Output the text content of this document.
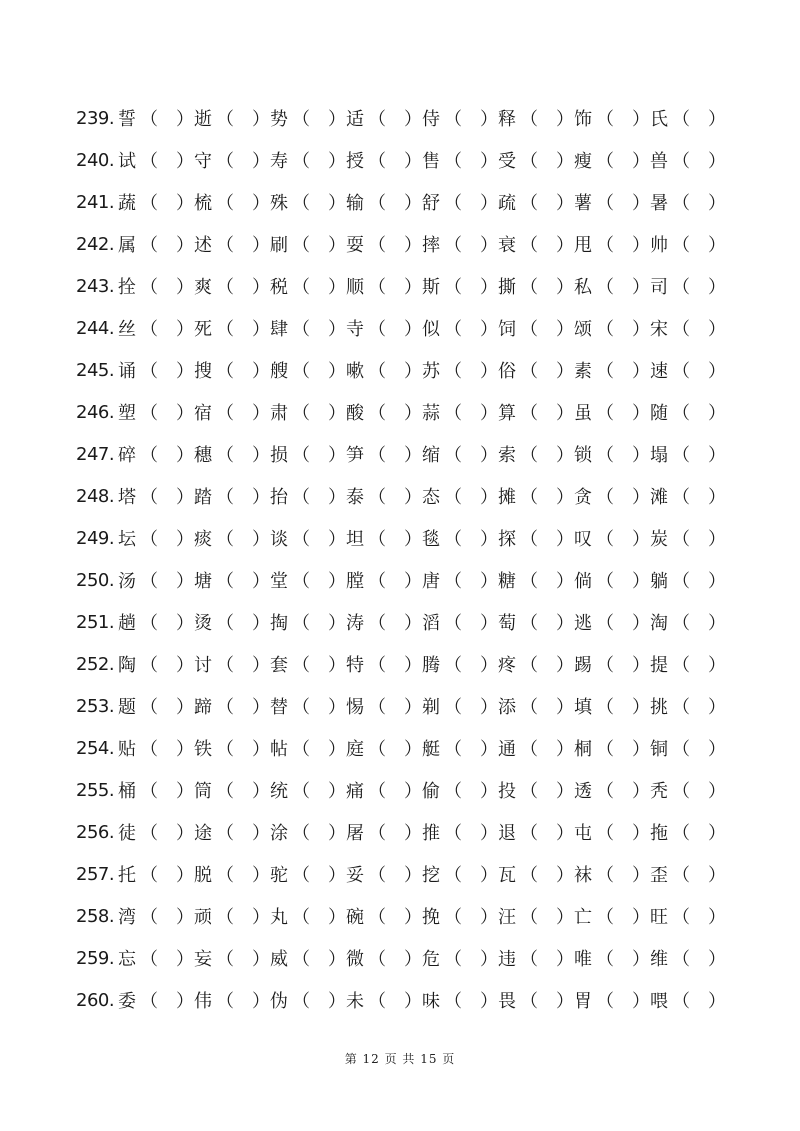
239. 誓 （ ） 逝 （ ） 势 （ ） 适 （ ） 侍 （ ） 释 （ ） 饰 （ ） 氏 （ ）
240. 试 （ ） 守 （ ） 寿 （ ） 授 （ ） 售 （ ） 受 （ ） 瘦 （ ） 兽 （ ）
241. 蔬 （ ） 梳 （ ） 殊 （ ） 输 （ ） 舒 （ ） 疏 （ ） 薯 （ ） 暑 （ ）
242. 属 （ ） 述 （ ） 刷 （ ） 耍 （ ） 摔 （ ） 衰 （ ） 甩 （ ） 帅 （ ）
243. 拴 （ ） 爽 （ ） 税 （ ） 顺 （ ） 斯 （ ） 撕 （ ） 私 （ ） 司 （ ）
244. 丝 （ ） 死 （ ） 肆 （ ） 寺 （ ） 似 （ ） 饲 （ ） 颂 （ ） 宋 （ ）
245. 诵 （ ） 搜 （ ） 艘 （ ） 嗽 （ ） 苏 （ ） 俗 （ ） 素 （ ） 速 （ ）
246. 塑 （ ） 宿 （ ） 肃 （ ） 酸 （ ） 蒜 （ ） 算 （ ） 虽 （ ） 随 （ ）
247. 碎 （ ） 穗 （ ） 损 （ ） 笋 （ ） 缩 （ ） 索 （ ） 锁 （ ） 塌 （ ）
248. 塔 （ ） 踏 （ ） 抬 （ ） 泰 （ ） 态 （ ） 摊 （ ） 贪 （ ） 滩 （ ）
249. 坛 （ ） 痰 （ ） 谈 （ ） 坦 （ ） 毯 （ ） 探 （ ） 叹 （ ） 炭 （ ）
250. 汤 （ ） 塘 （ ） 堂 （ ） 膛 （ ） 唐 （ ） 糖 （ ） 倘 （ ） 躺 （ ）
251. 趟 （ ） 烫 （ ） 掏 （ ） 涛 （ ） 滔 （ ） 萄 （ ） 逃 （ ） 淘 （ ）
252. 陶 （ ） 讨 （ ） 套 （ ） 特 （ ） 腾 （ ） 疼 （ ） 踢 （ ） 提 （ ）
253. 题 （ ） 蹄 （ ） 替 （ ） 惕 （ ） 剃 （ ） 添 （ ） 填 （ ） 挑 （ ）
254. 贴 （ ） 铁 （ ） 帖 （ ） 庭 （ ） 艇 （ ） 通 （ ） 桐 （ ） 铜 （ ）
255. 桶 （ ） 筒 （ ） 统 （ ） 痛 （ ） 偷 （ ） 投 （ ） 透 （ ） 秃 （ ）
256. 徒 （ ） 途 （ ） 涂 （ ） 屠 （ ） 推 （ ） 退 （ ） 屯 （ ） 拖 （ ）
257. 托 （ ） 脱 （ ） 驼 （ ） 妥 （ ） 挖 （ ） 瓦 （ ） 袜 （ ） 歪 （ ）
258. 湾 （ ） 顽 （ ） 丸 （ ） 碗 （ ） 挽 （ ） 汪 （ ） 亡 （ ） 旺 （ ）
259. 忘 （ ） 妄 （ ） 威 （ ） 微 （ ） 危 （ ） 违 （ ） 唯 （ ） 维 （ ）
260. 委 （ ） 伟 （ ） 伪 （ ） 未 （ ） 味 （ ） 畏 （ ） 胃 （ ） 喂 （ ）
第 12 页 共 15 页
